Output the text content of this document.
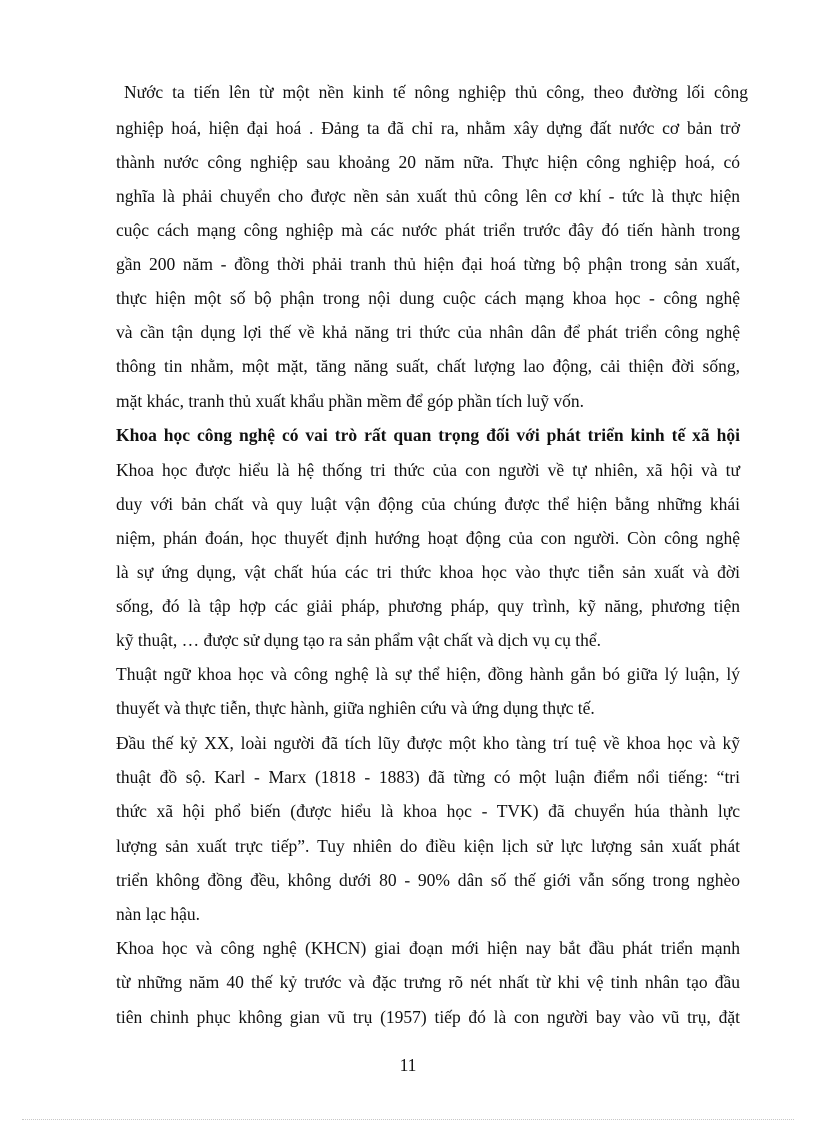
Nước ta tiến lên từ một nền kinh tế nông nghiệp thủ công, theo đường lối công
nghiệp hoá, hiện đại hoá . Đảng ta đã chỉ ra, nhằm xây dựng đất nước cơ bản trở
thành nước công nghiệp sau khoảng 20 năm nữa. Thực hiện công nghiệp hoá, có
nghĩa là phải chuyển cho được nền sản xuất thủ công lên cơ khí - tức là thực hiện
cuộc cách mạng công nghiệp mà các nước phát triển trước đây đó tiến hành trong
gần 200 năm - đồng thời phải tranh thủ hiện đại hoá từng bộ phận trong sản xuất,
thực hiện một số bộ phận trong nội dung cuộc cách mạng khoa học - công nghệ
và cần tận dụng lợi thế về khả năng tri thức của nhân dân để phát triển công nghệ
thông tin nhằm, một mặt, tăng năng suất, chất lượng lao động, cải thiện đời sống,
mặt khác, tranh thủ xuất khẩu phần mềm để góp phần tích luỹ vốn.
Khoa học công nghệ có vai trò rất quan trọng đối với phát triển kinh tế xã hội
Khoa học được hiểu là hệ thống tri thức của con người về tự nhiên, xã hội và tư
duy với bản chất và quy luật vận động của chúng được thể hiện bằng những khái
niệm, phán đoán, học thuyết định hướng hoạt động của con người. Còn công nghệ
là sự ứng dụng, vật chất húa các tri thức khoa học vào thực tiễn sản xuất và đời
sống, đó là tập hợp các giải pháp, phương pháp, quy trình, kỹ năng, phương tiện
kỹ thuật, … được sử dụng tạo ra sản phẩm vật chất và dịch vụ cụ thể.
Thuật ngữ khoa học và công nghệ là sự thể hiện, đồng hành gắn bó giữa lý luận, lý
thuyết và thực tiễn, thực hành, giữa nghiên cứu và ứng dụng thực tế.
Đầu thế kỷ XX, loài người đã tích lũy được một kho tàng trí tuệ về khoa học và kỹ
thuật đồ sộ. Karl - Marx (1818 - 1883) đã từng có một luận điểm nổi tiếng: “tri
thức xã hội phổ biến (được hiểu là khoa học - TVK) đã chuyển húa thành lực
lượng sản xuất trực tiếp”. Tuy nhiên do điều kiện lịch sử lực lượng sản xuất phát
triển không đồng đều, không dưới 80 - 90% dân số thế giới vẫn sống trong nghèo
nàn lạc hậu.
Khoa học và công nghệ (KHCN) giai đoạn mới hiện nay bắt đầu phát triển mạnh
từ những năm 40 thế kỷ trước và đặc trưng rõ nét nhất từ khi vệ tinh nhân tạo đầu
tiên chinh phục không gian vũ trụ (1957) tiếp đó là con người bay vào vũ trụ, đặt
11
